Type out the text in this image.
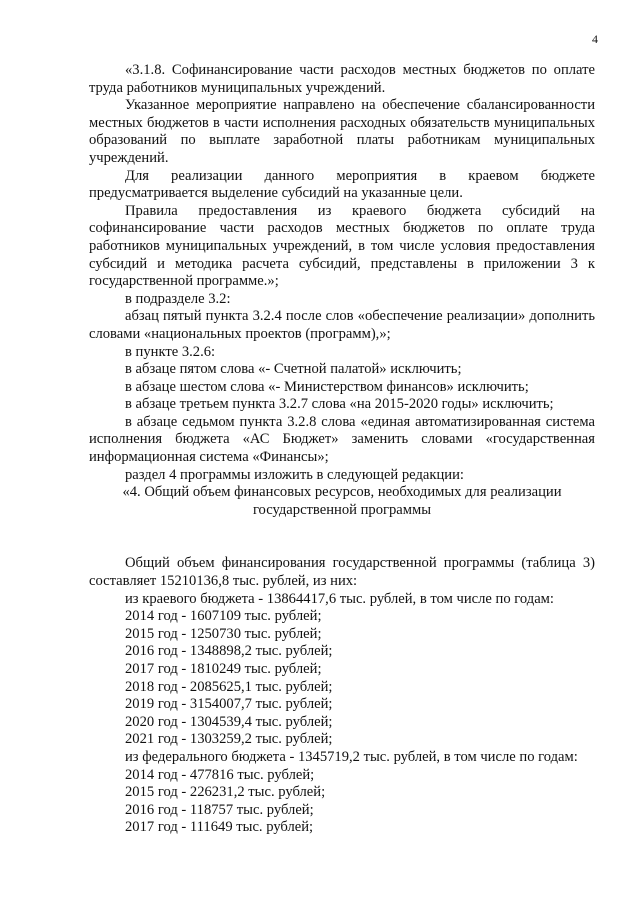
4

«3.1.8. Софинансирование части расходов местных бюджетов по оплате труда работников муниципальных учреждений.

Указанное мероприятие направлено на обеспечение сбалансированности местных бюджетов в части исполнения расходных обязательств муниципальных образований по выплате заработной платы работникам муниципальных учреждений.

Для реализации данного мероприятия в краевом бюджете предусматривается выделение субсидий на указанные цели.

Правила предоставления из краевого бюджета субсидий на софинансирование части расходов местных бюджетов по оплате труда работников муниципальных учреждений, в том числе условия предоставления субсидий и методика расчета субсидий, представлены в приложении 3 к государственной программе.»;

в подразделе 3.2:

абзац пятый пункта 3.2.4 после слов «обеспечение реализации» дополнить словами «национальных проектов (программ),»;

в пункте 3.2.6:

в абзаце пятом слова «- Счетной палатой» исключить;

в абзаце шестом слова «- Министерством финансов» исключить;

в абзаце третьем пункта 3.2.7 слова «на 2015-2020 годы» исключить;

в абзаце седьмом пункта 3.2.8 слова «единая автоматизированная система исполнения бюджета «АС Бюджет» заменить словами «государственная информационная система «Финансы»;

раздел 4 программы изложить в следующей редакции:

«4. Общий объем финансовых ресурсов, необходимых для реализации государственной программы

Общий объем финансирования государственной программы (таблица 3) составляет 15210136,8 тыс. рублей, из них:

из краевого бюджета - 13864417,6 тыс. рублей, в том числе по годам:

2014 год - 1607109 тыс. рублей;

2015 год - 1250730 тыс. рублей;

2016 год - 1348898,2 тыс. рублей;

2017 год - 1810249 тыс. рублей;

2018 год - 2085625,1 тыс. рублей;

2019 год - 3154007,7 тыс. рублей;

2020 год - 1304539,4 тыс. рублей;

2021 год - 1303259,2 тыс. рублей;

из федерального бюджета - 1345719,2 тыс. рублей, в том числе по годам:

2014 год - 477816 тыс. рублей;

2015 год - 226231,2 тыс. рублей;

2016 год - 118757 тыс. рублей;

2017 год - 111649 тыс. рублей;
